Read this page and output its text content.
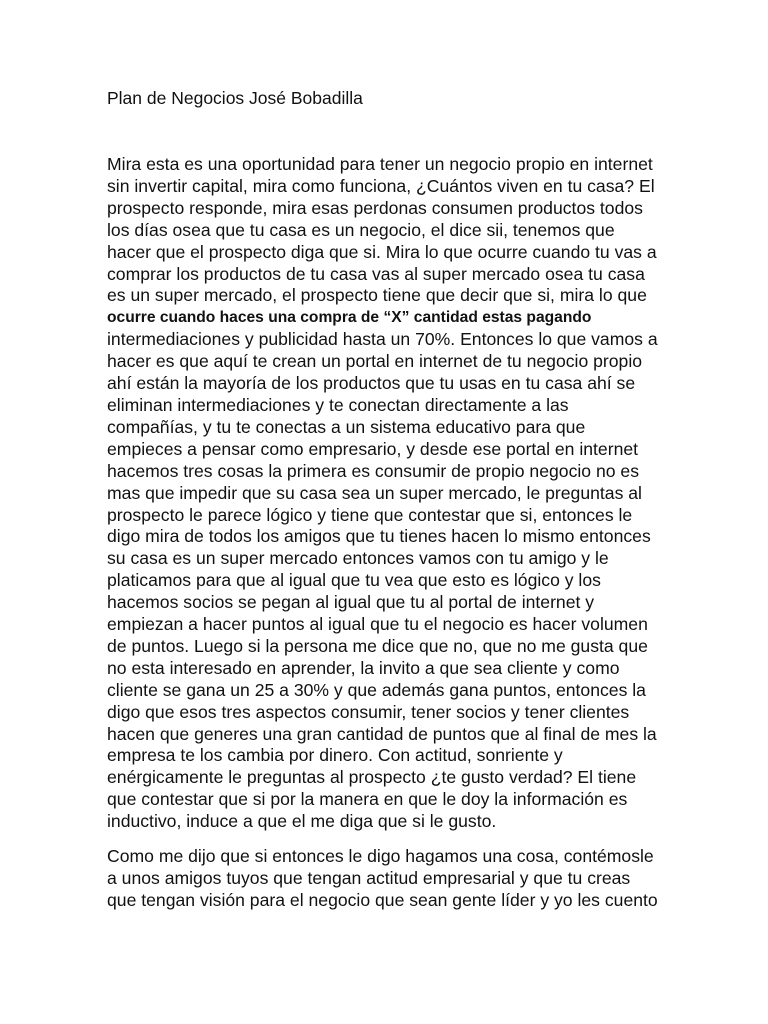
Plan de Negocios José Bobadilla

Mira esta es una oportunidad para tener un negocio propio en internet
sin invertir capital, mira como funciona, ¿Cuántos viven en tu casa? El
prospecto responde, mira esas perdonas consumen productos todos
los días osea que tu casa es un negocio, el dice sii, tenemos que
hacer que el prospecto diga que si. Mira lo que ocurre cuando tu vas a
comprar los productos de tu casa vas al super mercado osea tu casa
es un super mercado, el prospecto tiene que decir que si, mira lo que
ocurre cuando haces una compra de “X” cantidad estas pagando
intermediaciones y publicidad hasta un 70%. Entonces lo que vamos a
hacer es que aquí te crean un portal en internet de tu negocio propio
ahí están la mayoría de los productos que tu usas en tu casa ahí se
eliminan intermediaciones y te conectan directamente a las
compañías, y tu te conectas a un sistema educativo para que
empieces a pensar como empresario, y desde ese portal en internet
hacemos tres cosas la primera es consumir de propio negocio no es
mas que impedir que su casa sea un super mercado, le preguntas al
prospecto le parece lógico y tiene que contestar que si, entonces le
digo mira de todos los amigos que tu tienes hacen lo mismo entonces
su casa es un super mercado entonces vamos con tu amigo y le
platicamos para que al igual que tu vea que esto es lógico y los
hacemos socios se pegan al igual que tu al portal de internet y
empiezan a hacer puntos al igual que tu el negocio es hacer volumen
de puntos. Luego si la persona me dice que no, que no me gusta que
no esta interesado en aprender, la invito a que sea cliente y como
cliente se gana un 25 a 30% y que además gana puntos, entonces la
digo que esos tres aspectos consumir, tener socios y tener clientes
hacen que generes una gran cantidad de puntos que al final de mes la
empresa te los cambia por dinero. Con actitud, sonriente y
enérgicamente le preguntas al prospecto ¿te gusto verdad? El tiene
que contestar que si por la manera en que le doy la información es
inductivo, induce a que el me diga que si le gusto.

Como me dijo que si entonces le digo hagamos una cosa, contémosle
a unos amigos tuyos que tengan actitud empresarial y que tu creas
que tengan visión para el negocio que sean gente líder y yo les cuento
